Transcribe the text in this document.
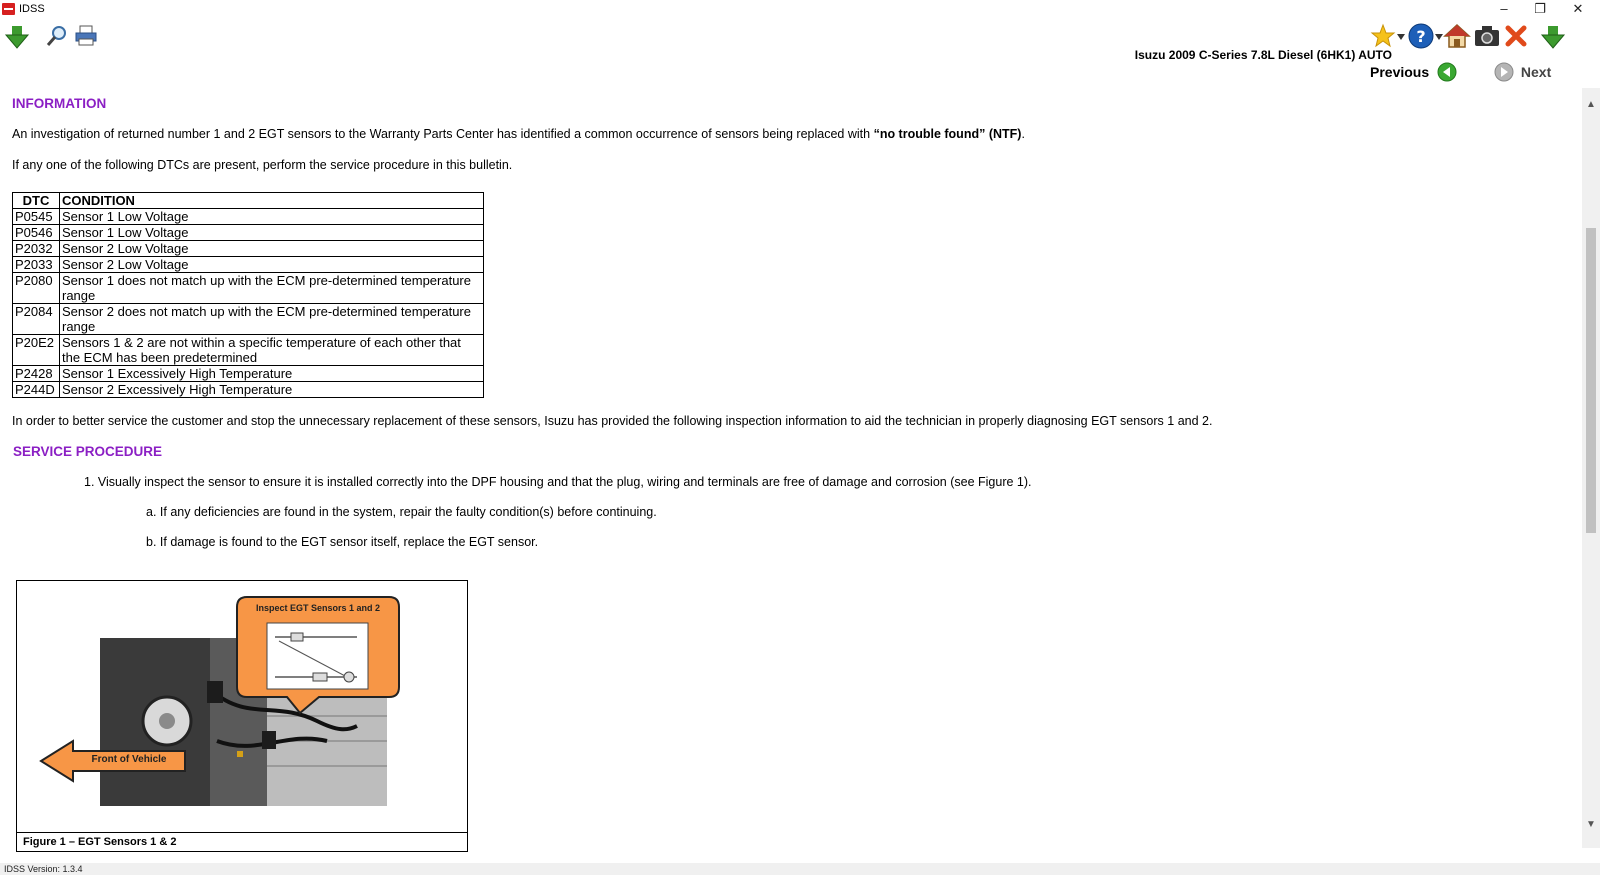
IDSS	–	❐	✕
Isuzu 2009 C-Series 7.8L Diesel (6HK1) AUTO
?
Previous	Next
INFORMATION
An investigation of returned number 1 and 2 EGT sensors to the Warranty Parts Center has identified a common occurrence of sensors being replaced with “no trouble found” (NTF).
If any one of the following DTCs are present, perform the service procedure in this bulletin.
DTC	CONDITION
P0545	Sensor 1 Low Voltage
P0546	Sensor 1 Low Voltage
P2032	Sensor 2 Low Voltage
P2033	Sensor 2 Low Voltage
P2080	Sensor 1 does not match up with the ECM pre-determined temperature range
P2084	Sensor 2 does not match up with the ECM pre-determined temperature range
P20E2	Sensors 1 & 2 are not within a specific temperature of each other that the ECM has been predetermined
P2428	Sensor 1 Excessively High Temperature
P244D	Sensor 2 Excessively High Temperature
In order to better service the customer and stop the unnecessary replacement of these sensors, Isuzu has provided the following inspection information to aid the technician in properly diagnosing EGT sensors 1 and 2.
SERVICE PROCEDURE
1. Visually inspect the sensor to ensure it is installed correctly into the DPF housing and that the plug, wiring and terminals are free of damage and corrosion (see Figure 1).
a. If any deficiencies are found in the system, repair the faulty condition(s) before continuing.
b. If damage is found to the EGT sensor itself, replace the EGT sensor.
Inspect EGT Sensors 1 and 2
Front of Vehicle
Figure 1 – EGT Sensors 1 & 2
▲
▼
IDSS Version: 1.3.4
